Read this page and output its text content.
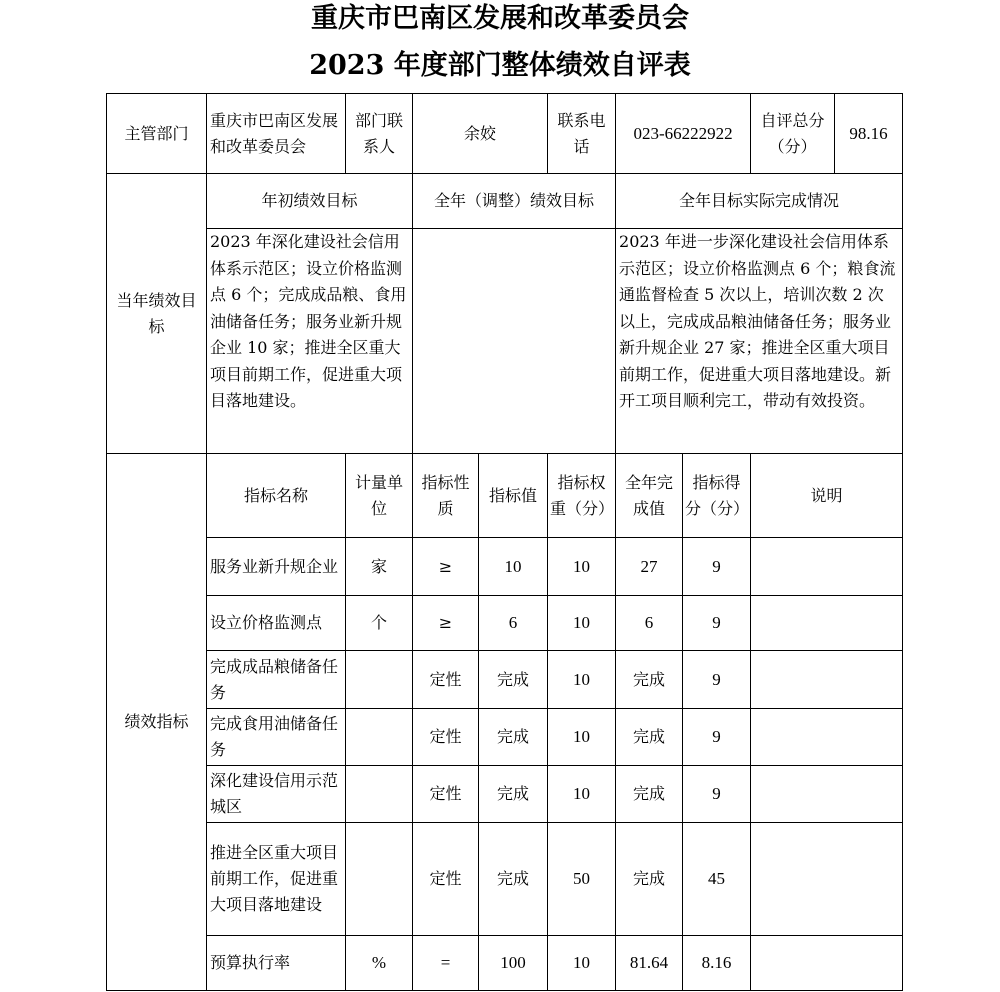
重庆市巴南区发展和改革委员会
2023 年度部门整体绩效自评表
主管部门	重庆市巴南区发展和改革委员会	部门联系人	余姣		联系电话	023-66222922		自评总分（分）	98.16
当年绩效目标	年初绩效目标		全年（调整）绩效目标			全年目标实际完成情况			
	2023 年深化建设社会信用体系示范区；设立价格监测点 6 个；完成成品粮、食用油储备任务；服务业新升规企业 10 家；推进全区重大项目前期工作，促进重大项目落地建设。					2023 年进一步深化建设社会信用体系示范区；设立价格监测点 6 个；粮食流通监督检查 5 次以上，培训次数 2 次以上，完成成品粮油储备任务；服务业新升规企业 27 家；推进全区重大项目前期工作，促进重大项目落地建设。新开工项目顺利完工，带动有效投资。			
绩效指标	指标名称	计量单位	指标性质	指标值	指标权重（分）	全年完成值	指标得分（分）	说明	
	服务业新升规企业	家	≥	10	10	27	9		
	设立价格监测点	个	≥	6	10	6	9		
	完成成品粮储备任务		定性	完成	10	完成	9		
	完成食用油储备任务		定性	完成	10	完成	9		
	深化建设信用示范城区		定性	完成	10	完成	9		
	推进全区重大项目前期工作，促进重大项目落地建设		定性	完成	50	完成	45		
	预算执行率	%	=	100	10	81.64	8.16		
